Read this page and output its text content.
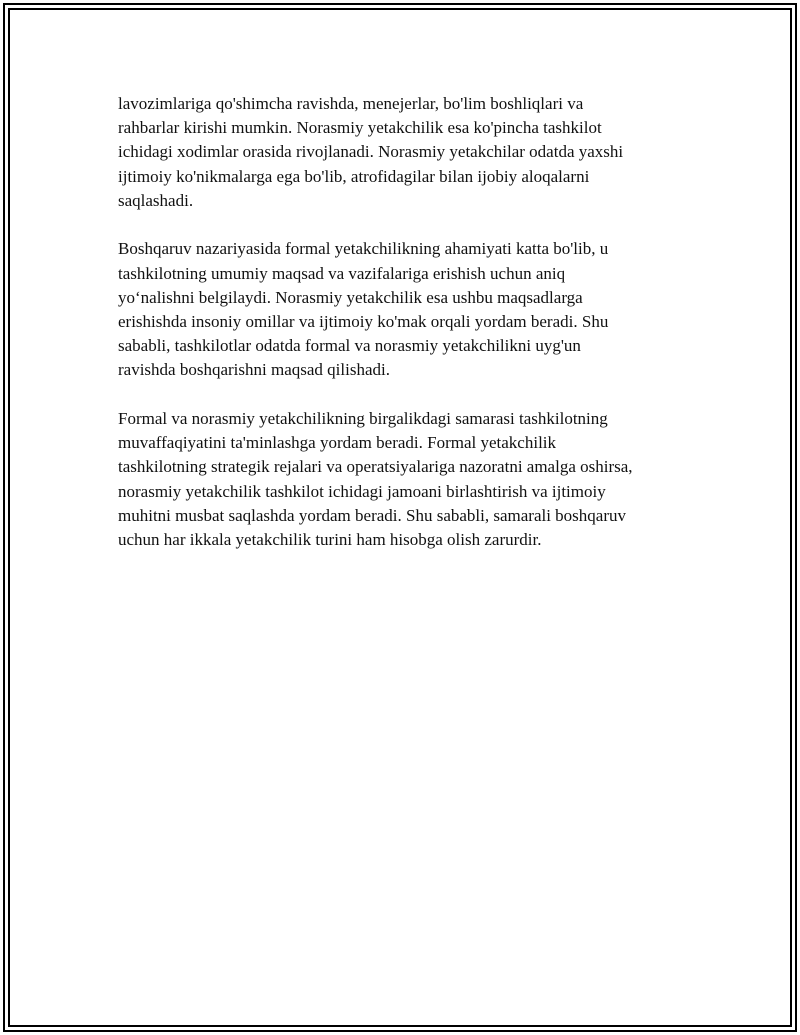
lavozimlariga qo'shimcha ravishda, menejerlar, bo'lim boshliqlari va
rahbarlar kirishi mumkin. Norasmiy yetakchilik esa ko'pincha tashkilot
ichidagi xodimlar orasida rivojlanadi. Norasmiy yetakchilar odatda yaxshi
ijtimoiy ko'nikmalarga ega bo'lib, atrofidagilar bilan ijobiy aloqalarni
saqlashadi.

Boshqaruv nazariyasida formal yetakchilikning ahamiyati katta bo'lib, u
tashkilotning umumiy maqsad va vazifalariga erishish uchun aniq
yo‘nalishni belgilaydi. Norasmiy yetakchilik esa ushbu maqsadlarga
erishishda insoniy omillar va ijtimoiy ko'mak orqali yordam beradi. Shu
sababli, tashkilotlar odatda formal va norasmiy yetakchilikni uyg'un
ravishda boshqarishni maqsad qilishadi.

Formal va norasmiy yetakchilikning birgalikdagi samarasi tashkilotning
muvaffaqiyatini ta'minlashga yordam beradi. Formal yetakchilik
tashkilotning strategik rejalari va operatsiyalariga nazoratni amalga oshirsa,
norasmiy yetakchilik tashkilot ichidagi jamoani birlashtirish va ijtimoiy
muhitni musbat saqlashda yordam beradi. Shu sababli, samarali boshqaruv
uchun har ikkala yetakchilik turini ham hisobga olish zarurdir.
